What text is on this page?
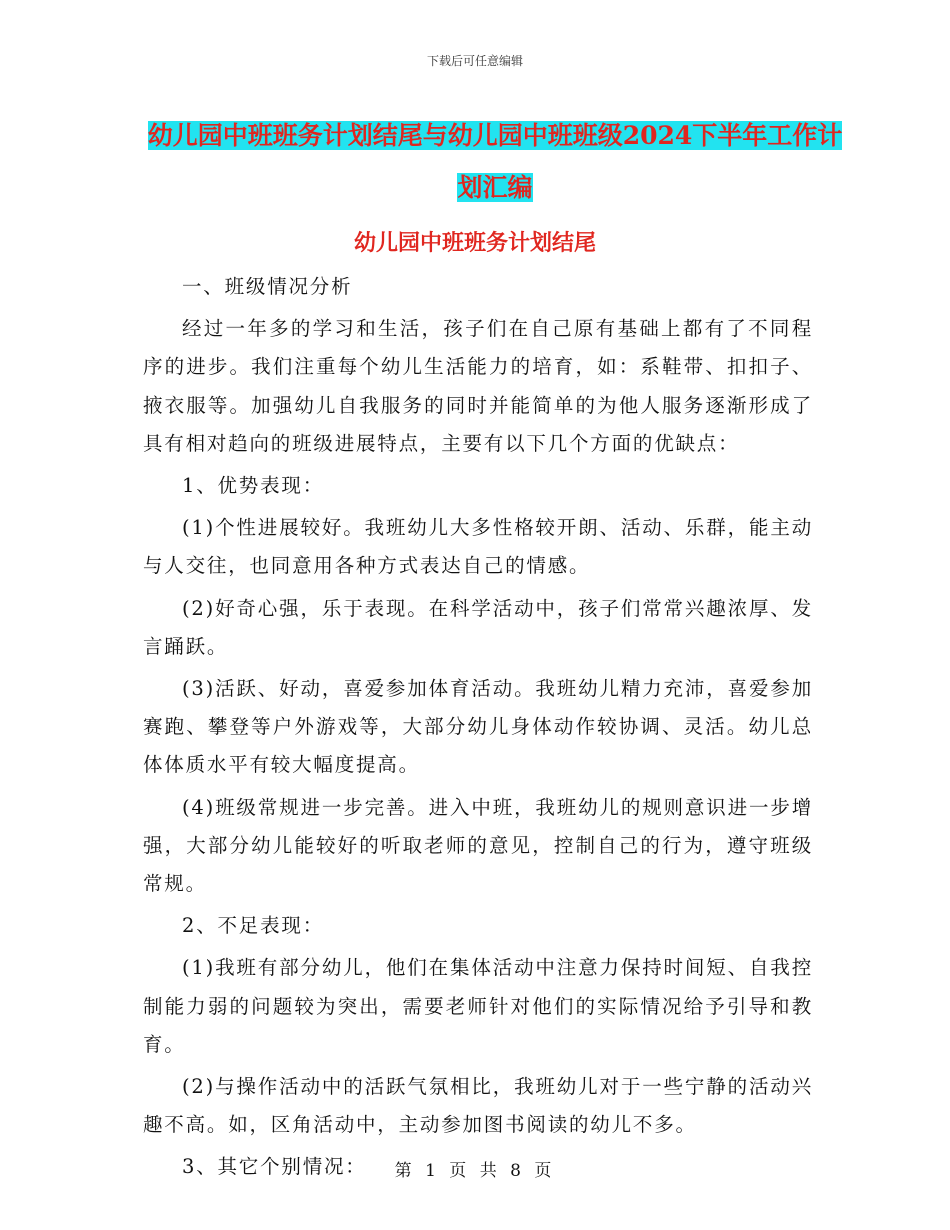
下载后可任意编辑
幼儿园中班班务计划结尾与幼儿园中班班级2024下半年工作计划汇编
幼儿园中班班务计划结尾

一、班级情况分析

经过一年多的学习和生活，孩子们在自己原有基础上都有了不同程序的进步。我们注重每个幼儿生活能力的培育，如：系鞋带、扣扣子、掖衣服等。加强幼儿自我服务的同时并能简单的为他人服务逐渐形成了具有相对趋向的班级进展特点，主要有以下几个方面的优缺点：

1、优势表现：

(1)个性进展较好。我班幼儿大多性格较开朗、活动、乐群，能主动与人交往，也同意用各种方式表达自己的情感。

(2)好奇心强，乐于表现。在科学活动中，孩子们常常兴趣浓厚、发言踊跃。

(3)活跃、好动，喜爱参加体育活动。我班幼儿精力充沛，喜爱参加赛跑、攀登等户外游戏等，大部分幼儿身体动作较协调、灵活。幼儿总体体质水平有较大幅度提高。

(4)班级常规进一步完善。进入中班，我班幼儿的规则意识进一步增强，大部分幼儿能较好的听取老师的意见，控制自己的行为，遵守班级常规。

2、不足表现：

(1)我班有部分幼儿，他们在集体活动中注意力保持时间短、自我控制能力弱的问题较为突出，需要老师针对他们的实际情况给予引导和教育。

(2)与操作活动中的活跃气氛相比，我班幼儿对于一些宁静的活动兴趣不高。如，区角活动中，主动参加图书阅读的幼儿不多。

3、其它个别情况：	第 1 页 共 8 页
